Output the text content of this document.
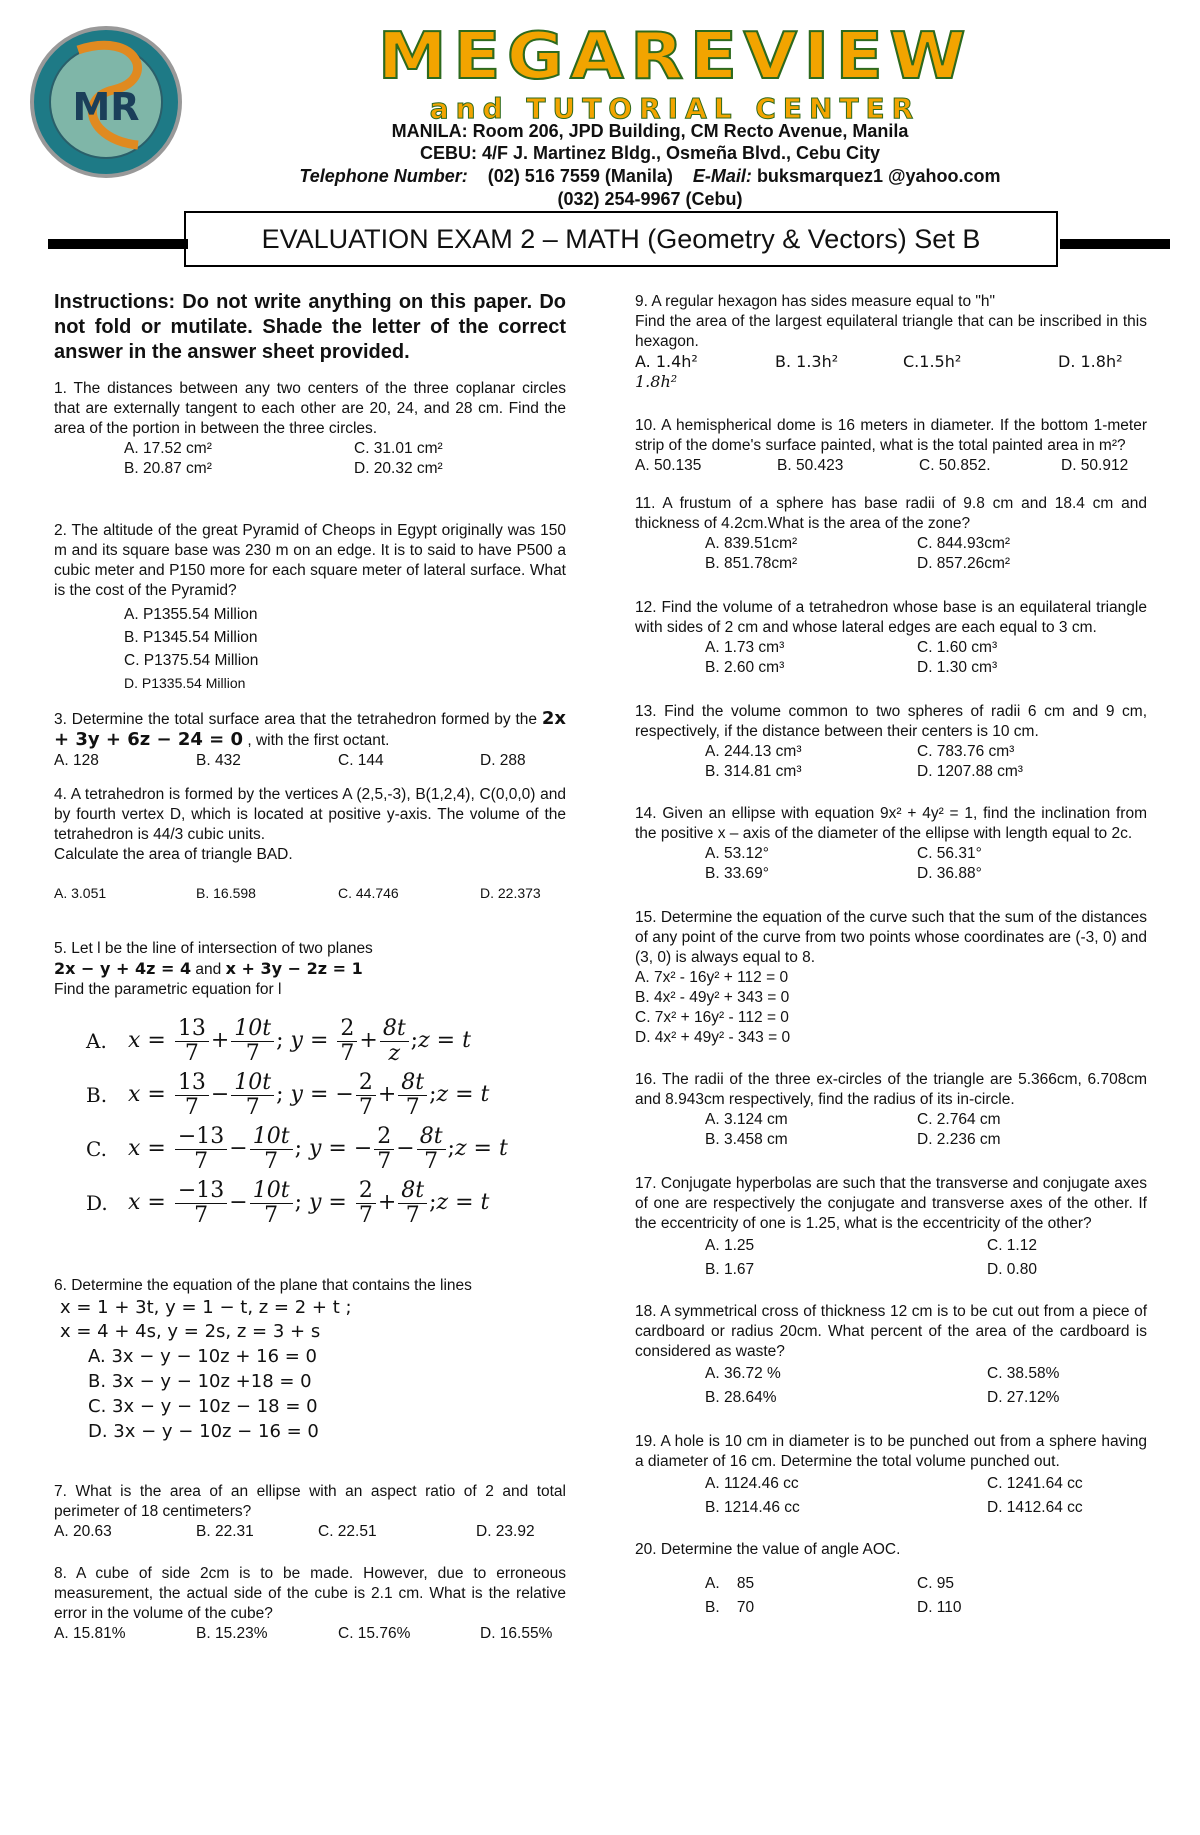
MR
MEGAREVIEW
and TUTORIAL CENTER
MANILA: Room 206, JPD Building, CM Recto Avenue, Manila
CEBU: 4/F J. Martinez Bldg., Osmeña Blvd., Cebu City
Telephone Number: (02) 516 7559 (Manila) E-Mail: buksmarquez1 @yahoo.com
(032) 254-9967 (Cebu)
EVALUATION EXAM 2 – MATH (Geometry & Vectors) Set B

Instructions: Do not write anything on this paper. Do not fold or mutilate. Shade the letter of the correct answer in the answer sheet provided.

1. The distances between any two centers of the three coplanar circles that are externally tangent to each other are 20, 24, and 28 cm. Find the area of the portion in between the three circles.

A. 17.52 cm²	C. 31.01 cm²
B. 20.87 cm²	D. 20.32 cm²

2. The altitude of the great Pyramid of Cheops in Egypt originally was 150 m and its square base was 230 m on an edge. It is to said to have P500 a cubic meter and P150 more for each square meter of lateral surface. What is the cost of the Pyramid?

A. P1355.54 Million
B. P1345.54 Million
C. P1375.54 Million
D. P1335.54 Million

3. Determine the total surface area that the tetrahedron formed by the 2x + 3y + 6z − 24 = 0 , with the first octant.

A. 128	B. 432	C. 144	D. 288

4. A tetrahedron is formed by the vertices A (2,5,-3), B(1,2,4), C(0,0,0) and by fourth vertex D, which is located at positive y-axis. The volume of the tetrahedron is 44/3 cubic units.

Calculate the area of triangle BAD.

A. 3.051	B. 16.598	C. 44.746	D. 22.373

5. Let l be the line of intersection of two planes

2x − y + 4z = 4 and x + 3y − 2z = 1

Find the parametric equation for l

A. $x = \frac{13}{7} + \frac{10t}{7}$ ; $y = \frac{2}{7} + \frac{8t}{z}$ ; z = t
B. $x = \frac{13}{7} - \frac{10t}{7}$ ; y = − $\frac{2}{7} + \frac{8t}{7}$ ; z = t
C. $x = \frac{-13}{7} - \frac{10t}{7}$ ; y = − $\frac{2}{7} - \frac{8t}{7}$ ; z = t
D. $x = \frac{-13}{7} - \frac{10t}{7}$ ; $y = \frac{2}{7} + \frac{8t}{7}$ ; z = t

6. Determine the equation of the plane that contains the lines

x = 1 + 3t, y = 1 − t, z = 2 + t ;
x = 4 + 4s, y = 2s, z = 3 + s
A. 3x − y − 10z + 16 = 0
B. 3x − y − 10z +18 = 0
C. 3x − y − 10z − 18 = 0
D. 3x − y − 10z − 16 = 0

7. What is the area of an ellipse with an aspect ratio of 2 and total perimeter of 18 centimeters?

A. 20.63	B. 22.31	C. 22.51	D. 23.92

8. A cube of side 2cm is to be made. However, due to erroneous measurement, the actual side of the cube is 2.1 cm. What is the relative error in the volume of the cube?

A. 15.81%	B. 15.23%	C. 15.76%	D. 16.55%

9. A regular hexagon has sides measure equal to "h"

Find the area of the largest equilateral triangle that can be inscribed in this hexagon.

A. 1.4h²	B. 1.3h²	C.1.5h²	D. 1.8h²
1.8h²

10. A hemispherical dome is 16 meters in diameter. If the bottom 1-meter strip of the dome's surface painted, what is the total painted area in m²?

A. 50.135	B. 50.423	C. 50.852.	D. 50.912

11. A frustum of a sphere has base radii of 9.8 cm and 18.4 cm and thickness of 4.2cm.What is the area of the zone?

A. 839.51cm²	C. 844.93cm²
B. 851.78cm²	D. 857.26cm²

12. Find the volume of a tetrahedron whose base is an equilateral triangle with sides of 2 cm and whose lateral edges are each equal to 3 cm.

A. 1.73 cm³	C. 1.60 cm³
B. 2.60 cm³	D. 1.30 cm³

13. Find the volume common to two spheres of radii 6 cm and 9 cm, respectively, if the distance between their centers is 10 cm.

A. 244.13 cm³	C. 783.76 cm³
B. 314.81 cm³	D. 1207.88 cm³

14. Given an ellipse with equation 9x² + 4y² = 1, find the inclination from the positive x – axis of the diameter of the ellipse with length equal to 2c.

A. 53.12°	C. 56.31°
B. 33.69°	D. 36.88°

15. Determine the equation of the curve such that the sum of the distances of any point of the curve from two points whose coordinates are (-3, 0) and (3, 0) is always equal to 8.

A. 7x² - 16y² + 112 = 0
B. 4x² - 49y² + 343 = 0
C. 7x² + 16y² - 112 = 0
D. 4x² + 49y² - 343 = 0

16. The radii of the three ex-circles of the triangle are 5.366cm, 6.708cm and 8.943cm respectively, find the radius of its in-circle.

A. 3.124 cm	C. 2.764 cm
B. 3.458 cm	D. 2.236 cm

17. Conjugate hyperbolas are such that the transverse and conjugate axes of one are respectively the conjugate and transverse axes of the other. If the eccentricity of one is 1.25, what is the eccentricity of the other?

A. 1.25	C. 1.12
B. 1.67	D. 0.80

18. A symmetrical cross of thickness 12 cm is to be cut out from a piece of cardboard or radius 20cm. What percent of the area of the cardboard is considered as waste?

A. 36.72 %	C. 38.58%
B. 28.64%	D. 27.12%

19. A hole is 10 cm in diameter is to be punched out from a sphere having a diameter of 16 cm. Determine the total volume punched out.

A. 1124.46 cc	C. 1241.64 cc
B. 1214.46 cc	D. 1412.64 cc

20. Determine the value of angle AOC.

A.    85	C. 95
B.    70	D. 110
